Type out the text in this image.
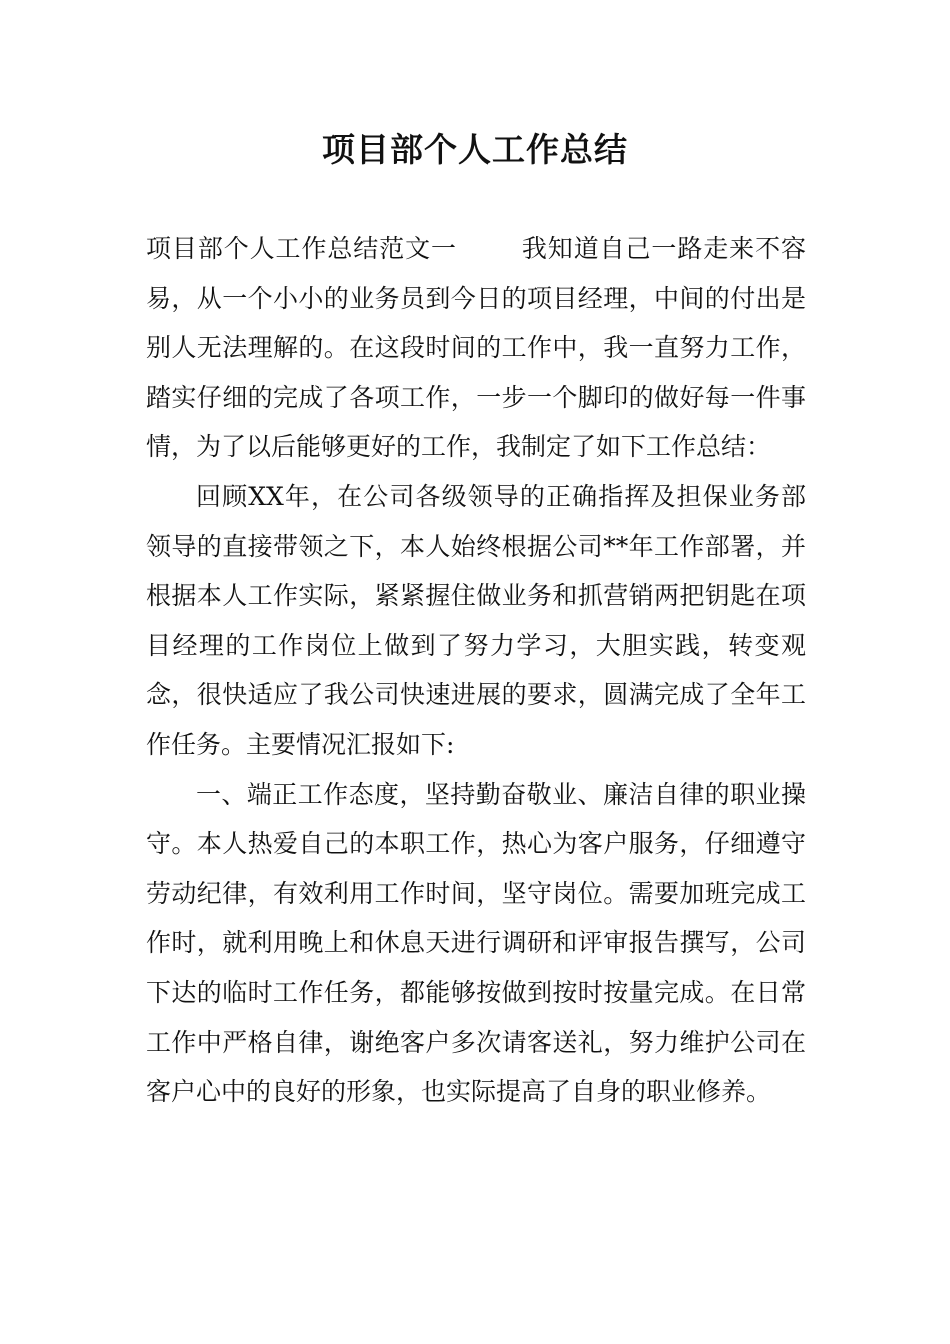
项目部个人工作总结

项目部个人工作总结范文一	我知道自己一路走来不容易，从一个小小的业务员到今日的项目经理，中间的付出是别人无法理解的。在这段时间的工作中，我一直努力工作，踏实仔细的完成了各项工作，一步一个脚印的做好每一件事情，为了以后能够更好的工作，我制定了如下工作总结：

回顾XX年，在公司各级领导的正确指挥及担保业务部领导的直接带领之下，本人始终根据公司**年工作部署，并根据本人工作实际，紧紧握住做业务和抓营销两把钥匙在项目经理的工作岗位上做到了努力学习，大胆实践，转变观念，很快适应了我公司快速进展的要求，圆满完成了全年工作任务。主要情况汇报如下:

一、端正工作态度，坚持勤奋敬业、廉洁自律的职业操守。本人热爱自己的本职工作，热心为客户服务，仔细遵守劳动纪律，有效利用工作时间，坚守岗位。需要加班完成工作时，就利用晚上和休息天进行调研和评审报告撰写，公司下达的临时工作任务，都能够按做到按时按量完成。在日常工作中严格自律，谢绝客户多次请客送礼，努力维护公司在客户心中的良好的形象，也实际提高了自身的职业修养。
